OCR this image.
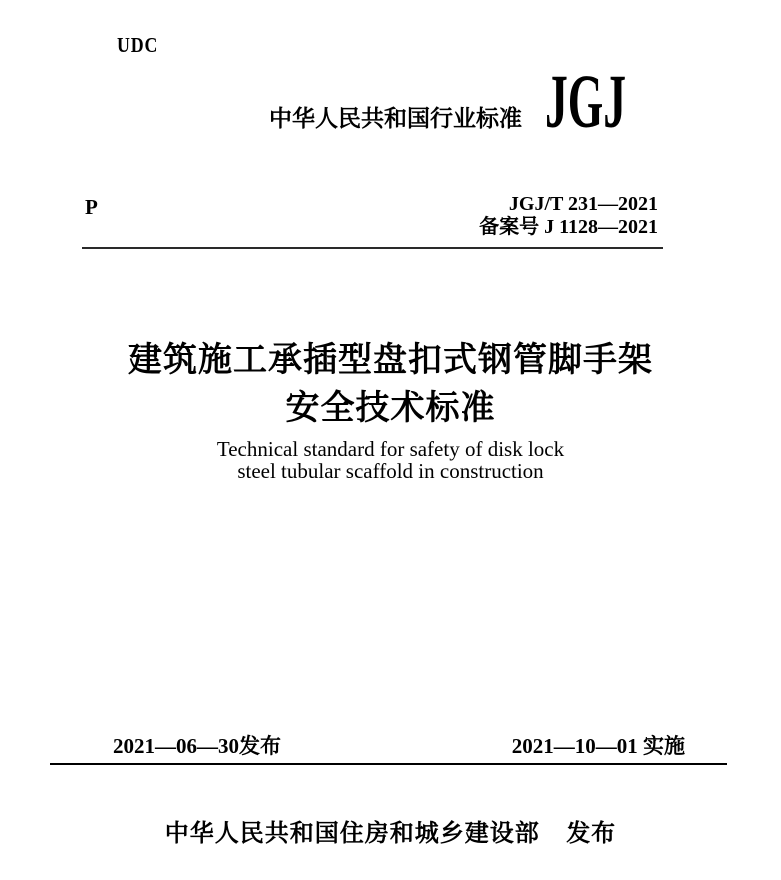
UDC
中华人民共和国行业标准 JGJ
P	JGJ/T 231—2021
备案号 J 1128—2021
建筑施工承插型盘扣式钢管脚手架
安全技术标准
Technical standard for safety of disk lock
steel tubular scaffold in construction
2021—06—30发布	2021—10—01 实施
中华人民共和国住房和城乡建设部 发布
